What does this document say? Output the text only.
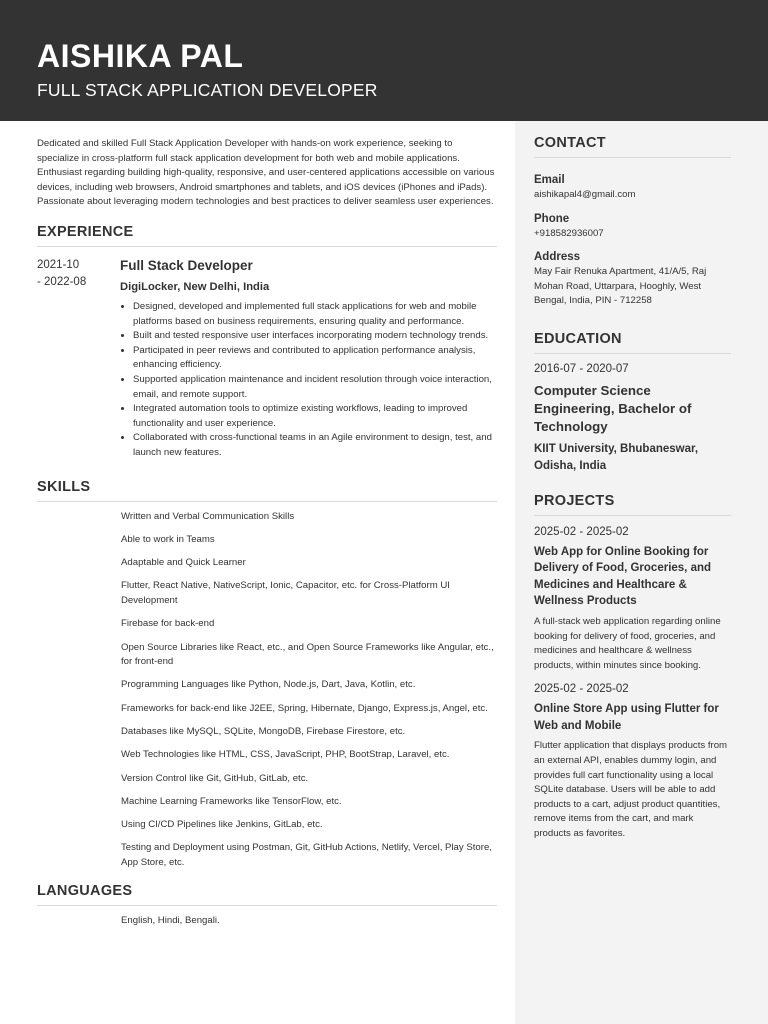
AISHIKA PAL
FULL STACK APPLICATION DEVELOPER

Dedicated and skilled Full Stack Application Developer with hands-on work experience, seeking to specialize in cross-platform full stack application development for both web and mobile applications. Enthusiast regarding building high-quality, responsive, and user-centered applications accessible on various devices, including web browsers, Android smartphones and tablets, and iOS devices (iPhones and iPads). Passionate about leveraging modern technologies and best practices to deliver seamless user experiences.

EXPERIENCE
2021-10
- 2022-08
Full Stack Developer
DigiLocker, New Delhi, India
• Designed, developed and implemented full stack applications for web and mobile platforms based on business requirements, ensuring quality and performance.
• Built and tested responsive user interfaces incorporating modern technology trends.
• Participated in peer reviews and contributed to application performance analysis, enhancing efficiency.
• Supported application maintenance and incident resolution through voice interaction, email, and remote support.
• Integrated automation tools to optimize existing workflows, leading to improved functionality and user experience.
• Collaborated with cross-functional teams in an Agile environment to design, test, and launch new features.
SKILLS
Written and Verbal Communication Skills
Able to work in Teams
Adaptable and Quick Learner
Flutter, React Native, NativeScript, Ionic, Capacitor, etc. for Cross-Platform UI Development
Firebase for back-end
Open Source Libraries like React, etc., and Open Source Frameworks like Angular, etc., for front-end
Programming Languages like Python, Node.js, Dart, Java, Kotlin, etc.
Frameworks for back-end like J2EE, Spring, Hibernate, Django, Express.js, Angel, etc.
Databases like MySQL, SQLite, MongoDB, Firebase Firestore, etc.
Web Technologies like HTML, CSS, JavaScript, PHP, BootStrap, Laravel, etc.
Version Control like Git, GitHub, GitLab, etc.
Machine Learning Frameworks like TensorFlow, etc.
Using CI/CD Pipelines like Jenkins, GitLab, etc.
Testing and Deployment using Postman, Git, GitHub Actions, Netlify, Vercel, Play Store, App Store, etc.
LANGUAGES
English, Hindi, Bengali.
CONTACT
Email
aishikapal4@gmail.com
Phone
+918582936007
Address
May Fair Renuka Apartment, 41/A/5, Raj Mohan Road, Uttarpara, Hooghly, West Bengal, India, PIN - 712258
EDUCATION
2016-07 - 2020-07
Computer Science Engineering, Bachelor of Technology
KIIT University, Bhubaneswar, Odisha, India
PROJECTS
2025-02 - 2025-02
Web App for Online Booking for Delivery of Food, Groceries, and Medicines and Healthcare & Wellness Products
A full-stack web application regarding online booking for delivery of food, groceries, and medicines and healthcare & wellness products, within minutes since booking.
2025-02 - 2025-02
Online Store App using Flutter for Web and Mobile
Flutter application that displays products from an external API, enables dummy login, and provides full cart functionality using a local SQLite database. Users will be able to add products to a cart, adjust product quantities, remove items from the cart, and mark products as favorites.
